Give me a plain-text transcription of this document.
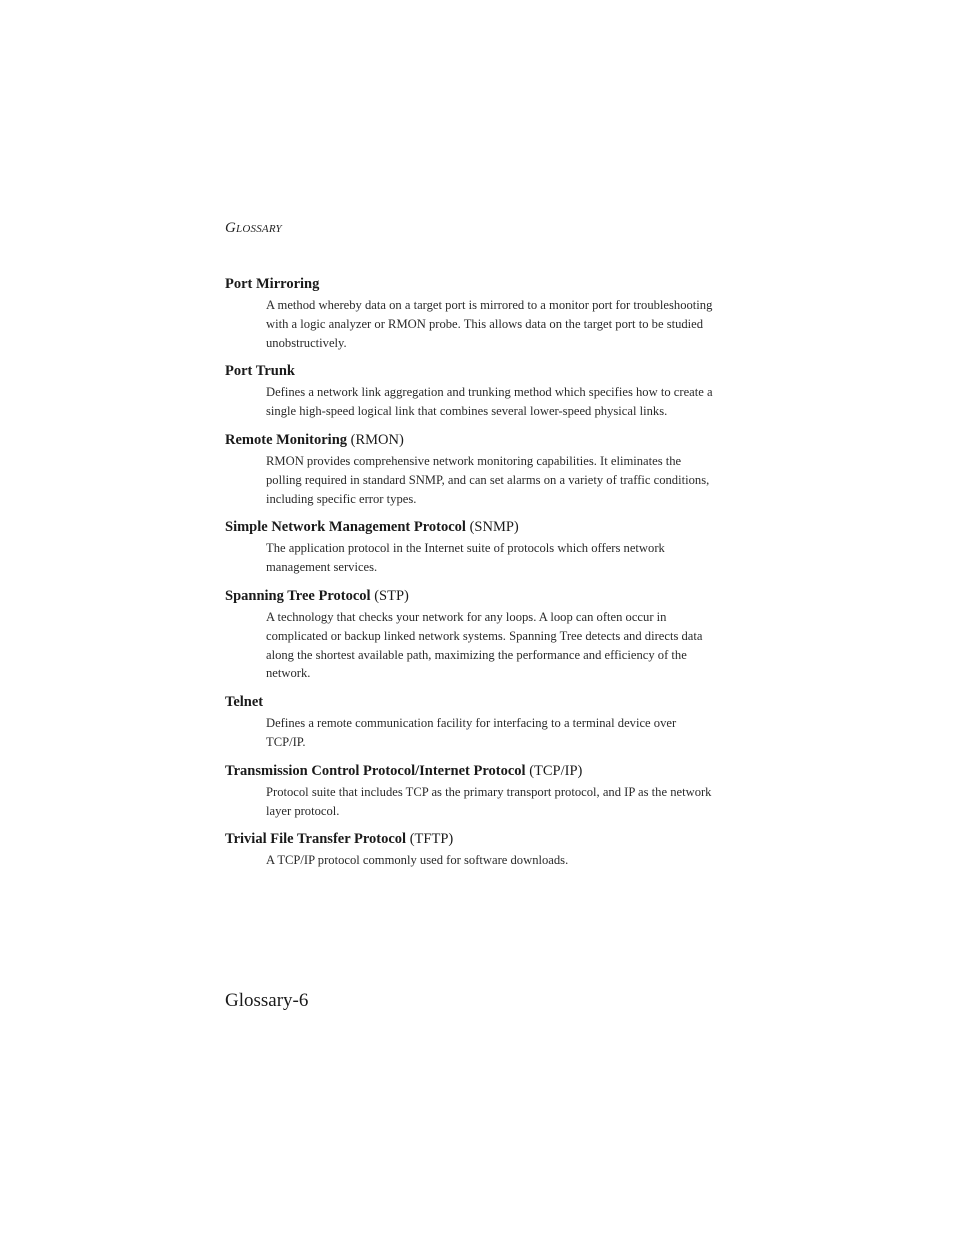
GLOSSARY
Port Mirroring
A method whereby data on a target port is mirrored to a monitor port for troubleshooting with a logic analyzer or RMON probe. This allows data on the target port to be studied unobstructively.
Port Trunk
Defines a network link aggregation and trunking method which specifies how to create a single high-speed logical link that combines several lower-speed physical links.
Remote Monitoring (RMON)
RMON provides comprehensive network monitoring capabilities. It eliminates the polling required in standard SNMP, and can set alarms on a variety of traffic conditions, including specific error types.
Simple Network Management Protocol (SNMP)
The application protocol in the Internet suite of protocols which offers network management services.
Spanning Tree Protocol (STP)
A technology that checks your network for any loops. A loop can often occur in complicated or backup linked network systems. Spanning Tree detects and directs data along the shortest available path, maximizing the performance and efficiency of the network.
Telnet
Defines a remote communication facility for interfacing to a terminal device over TCP/IP.
Transmission Control Protocol/Internet Protocol (TCP/IP)
Protocol suite that includes TCP as the primary transport protocol, and IP as the network layer protocol.
Trivial File Transfer Protocol (TFTP)
A TCP/IP protocol commonly used for software downloads.
Glossary-6
